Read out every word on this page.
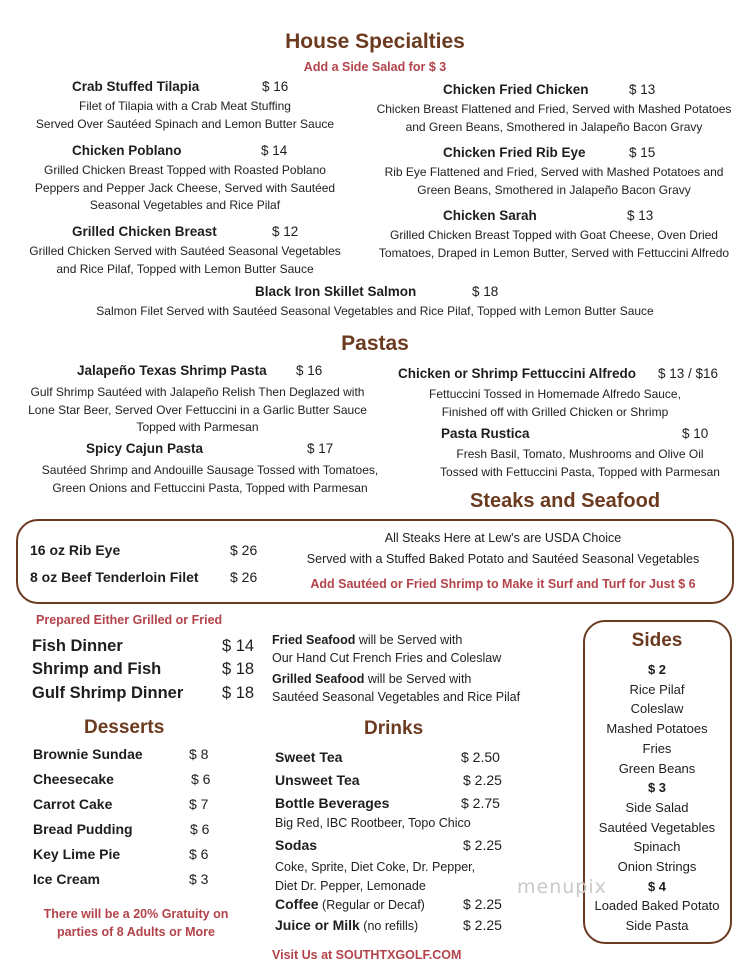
House Specialties
Add a Side Salad for $ 3
Crab Stuffed Tilapia	$ 16
Filet of Tilapia with a Crab Meat Stuffing
Served Over Sautéed Spinach and Lemon Butter Sauce
Chicken Fried Chicken	$ 13
Chicken Breast Flattened and Fried, Served with Mashed Potatoes
and Green Beans, Smothered in Jalapeño Bacon Gravy
Chicken Poblano	$ 14
Grilled Chicken Breast Topped with Roasted Poblano
Peppers and Pepper Jack Cheese, Served with Sautéed
Seasonal Vegetables and Rice Pilaf
Chicken Fried Rib Eye	$ 15
Rib Eye Flattened and Fried, Served with Mashed Potatoes and
Green Beans, Smothered in Jalapeño Bacon Gravy
Chicken Sarah	$ 13
Grilled Chicken Breast Topped with Goat Cheese, Oven Dried
Tomatoes, Draped in Lemon Butter, Served with Fettuccini Alfredo
Grilled Chicken Breast	$ 12
Grilled Chicken Served with Sautéed Seasonal Vegetables
and Rice Pilaf, Topped with Lemon Butter Sauce
Black Iron Skillet Salmon	$ 18
Salmon Filet Served with Sautéed Seasonal Vegetables and Rice Pilaf, Topped with Lemon Butter Sauce
Pastas
Jalapeño Texas Shrimp Pasta $ 16
Gulf Shrimp Sautéed with Jalapeño Relish Then Deglazed with
Lone Star Beer, Served Over Fettuccini in a Garlic Butter Sauce
Topped with Parmesan
Chicken or Shrimp Fettuccini Alfredo $ 13 / $16
Fettuccini Tossed in Homemade Alfredo Sauce,
Finished off with Grilled Chicken or Shrimp
Pasta Rustica	$ 10
Fresh Basil, Tomato, Mushrooms and Olive Oil
Tossed with Fettuccini Pasta, Topped with Parmesan
Spicy Cajun Pasta	$ 17
Sautéed Shrimp and Andouille Sausage Tossed with Tomatoes,
Green Onions and Fettuccini Pasta, Topped with Parmesan
Steaks and Seafood
16 oz Rib Eye	$ 26
8 oz Beef Tenderloin Filet $ 26
All Steaks Here at Lew's are USDA Choice
Served with a Stuffed Baked Potato and Sautéed Seasonal Vegetables
Add Sautéed or Fried Shrimp to Make it Surf and Turf for Just $ 6
Prepared Either Grilled or Fried
Fish Dinner	$ 14
Shrimp and Fish	$ 18
Gulf Shrimp Dinner $ 18
Fried Seafood will be Served with
Our Hand Cut French Fries and Coleslaw
Grilled Seafood will be Served with
Sautéed Seasonal Vegetables and Rice Pilaf
Sides
$ 2
Rice Pilaf
Coleslaw
Mashed Potatoes
Fries
Green Beans
$ 3
Side Salad
Sautéed Vegetables
Spinach
Onion Strings
$ 4
Loaded Baked Potato
Side Pasta
Desserts
Brownie Sundae	$ 8
Cheesecake	$ 6
Carrot Cake	$ 7
Bread Pudding	$ 6
Key Lime Pie	$ 6
Ice Cream	$ 3
There will be a 20% Gratuity on
parties of 8 Adults or More
Drinks
Sweet Tea	$ 2.50
Unsweet Tea	$ 2.25
Bottle Beverages	$ 2.75
Big Red, IBC Rootbeer, Topo Chico
Sodas	$ 2.25
Coke, Sprite, Diet Coke, Dr. Pepper,
Diet Dr. Pepper, Lemonade
Coffee (Regular or Decaf)	$ 2.25
Juice or Milk (no refills)	$ 2.25
Visit Us at SOUTHTXGOLF.COM
menupix
